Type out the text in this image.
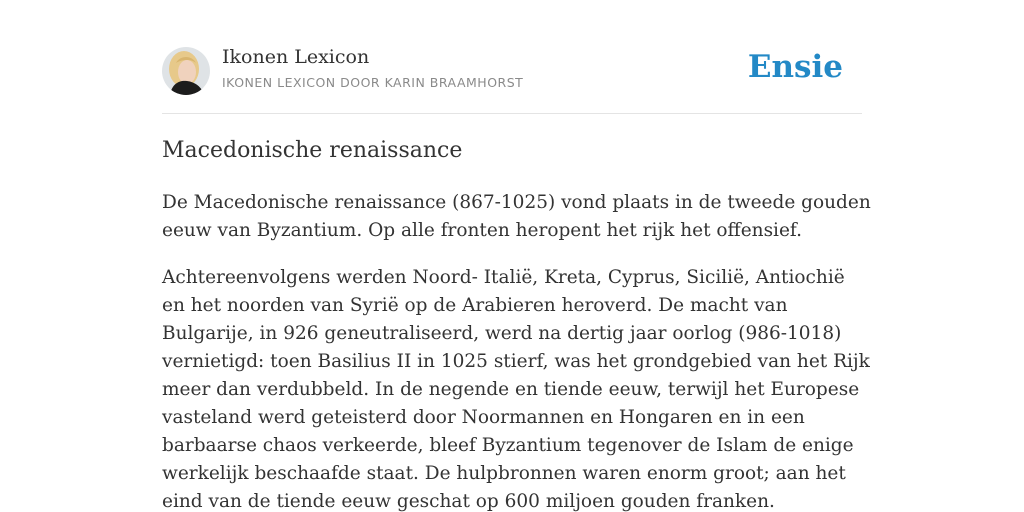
Ikonen Lexicon
IKONEN LEXICON DOOR KARIN BRAAMHORST	Ensie
Macedonische renaissance

De Macedonische renaissance (867-1025) vond plaats in de tweede gouden eeuw van Byzantium. Op alle fronten heropent het rijk het offensief.

Achtereenvolgens werden Noord- Italië, Kreta, Cyprus, Sicilië, Antiochië en het noorden van Syrië op de Arabieren heroverd. De macht van Bulgarije, in 926 geneutraliseerd, werd na dertig jaar oorlog (986-1018) vernietigd: toen Basilius II in 1025 stierf, was het grondgebied van het Rijk meer dan verdubbeld. In de negende en tiende eeuw, terwijl het Europese vasteland werd geteisterd door Noormannen en Hongaren en in een barbaarse chaos verkeerde, bleef Byzantium tegenover de Islam de enige werkelijk beschaafde staat. De hulpbronnen waren enorm groot; aan het eind van de tiende eeuw geschat op 600 miljoen gouden franken.
